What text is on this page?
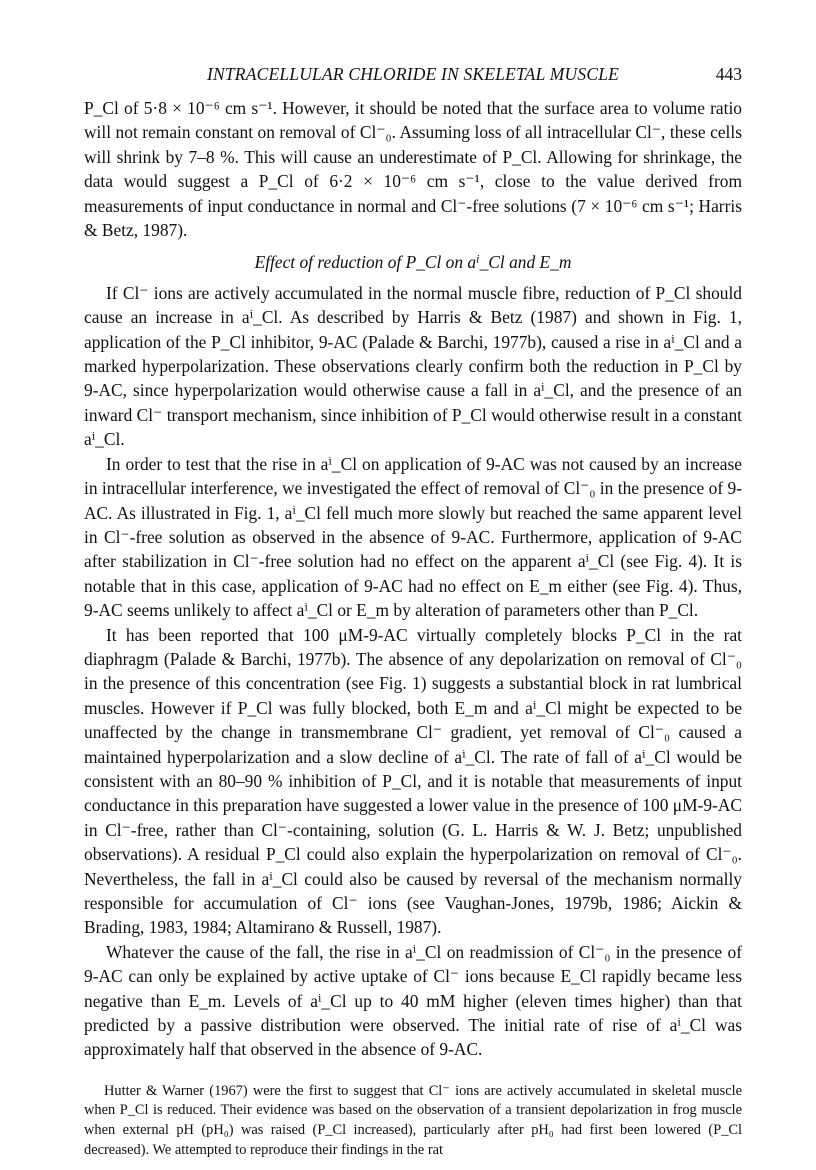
INTRACELLULAR CHLORIDE IN SKELETAL MUSCLE	443

P_Cl of 5·8 × 10⁻⁶ cm s⁻¹. However, it should be noted that the surface area to volume ratio will not remain constant on removal of Cl⁻₀. Assuming loss of all intracellular Cl⁻, these cells will shrink by 7–8 %. This will cause an underestimate of P_Cl. Allowing for shrinkage, the data would suggest a P_Cl of 6·2 × 10⁻⁶ cm s⁻¹, close to the value derived from measurements of input conductance in normal and Cl⁻-free solutions (7 × 10⁻⁶ cm s⁻¹; Harris & Betz, 1987).

Effect of reduction of P_Cl on aⁱ_Cl and E_m

If Cl⁻ ions are actively accumulated in the normal muscle fibre, reduction of P_Cl should cause an increase in aⁱ_Cl. As described by Harris & Betz (1987) and shown in Fig. 1, application of the P_Cl inhibitor, 9-AC (Palade & Barchi, 1977b), caused a rise in aⁱ_Cl and a marked hyperpolarization. These observations clearly confirm both the reduction in P_Cl by 9-AC, since hyperpolarization would otherwise cause a fall in aⁱ_Cl, and the presence of an inward Cl⁻ transport mechanism, since inhibition of P_Cl would otherwise result in a constant aⁱ_Cl.

In order to test that the rise in aⁱ_Cl on application of 9-AC was not caused by an increase in intracellular interference, we investigated the effect of removal of Cl⁻₀ in the presence of 9-AC. As illustrated in Fig. 1, aⁱ_Cl fell much more slowly but reached the same apparent level in Cl⁻-free solution as observed in the absence of 9-AC. Furthermore, application of 9-AC after stabilization in Cl⁻-free solution had no effect on the apparent aⁱ_Cl (see Fig. 4). It is notable that in this case, application of 9-AC had no effect on E_m either (see Fig. 4). Thus, 9-AC seems unlikely to affect aⁱ_Cl or E_m by alteration of parameters other than P_Cl.

It has been reported that 100 μM-9-AC virtually completely blocks P_Cl in the rat diaphragm (Palade & Barchi, 1977b). The absence of any depolarization on removal of Cl⁻₀ in the presence of this concentration (see Fig. 1) suggests a substantial block in rat lumbrical muscles. However if P_Cl was fully blocked, both E_m and aⁱ_Cl might be expected to be unaffected by the change in transmembrane Cl⁻ gradient, yet removal of Cl⁻₀ caused a maintained hyperpolarization and a slow decline of aⁱ_Cl. The rate of fall of aⁱ_Cl would be consistent with an 80–90 % inhibition of P_Cl, and it is notable that measurements of input conductance in this preparation have suggested a lower value in the presence of 100 μM-9-AC in Cl⁻-free, rather than Cl⁻-containing, solution (G. L. Harris & W. J. Betz; unpublished observations). A residual P_Cl could also explain the hyperpolarization on removal of Cl⁻₀. Nevertheless, the fall in aⁱ_Cl could also be caused by reversal of the mechanism normally responsible for accumulation of Cl⁻ ions (see Vaughan-Jones, 1979b, 1986; Aickin & Brading, 1983, 1984; Altamirano & Russell, 1987).

Whatever the cause of the fall, the rise in aⁱ_Cl on readmission of Cl⁻₀ in the presence of 9-AC can only be explained by active uptake of Cl⁻ ions because E_Cl rapidly became less negative than E_m. Levels of aⁱ_Cl up to 40 mM higher (eleven times higher) than that predicted by a passive distribution were observed. The initial rate of rise of aⁱ_Cl was approximately half that observed in the absence of 9-AC.

Hutter & Warner (1967) were the first to suggest that Cl⁻ ions are actively accumulated in skeletal muscle when P_Cl is reduced. Their evidence was based on the observation of a transient depolarization in frog muscle when external pH (pH₀) was raised (P_Cl increased), particularly after pH₀ had first been lowered (P_Cl decreased). We attempted to reproduce their findings in the rat
